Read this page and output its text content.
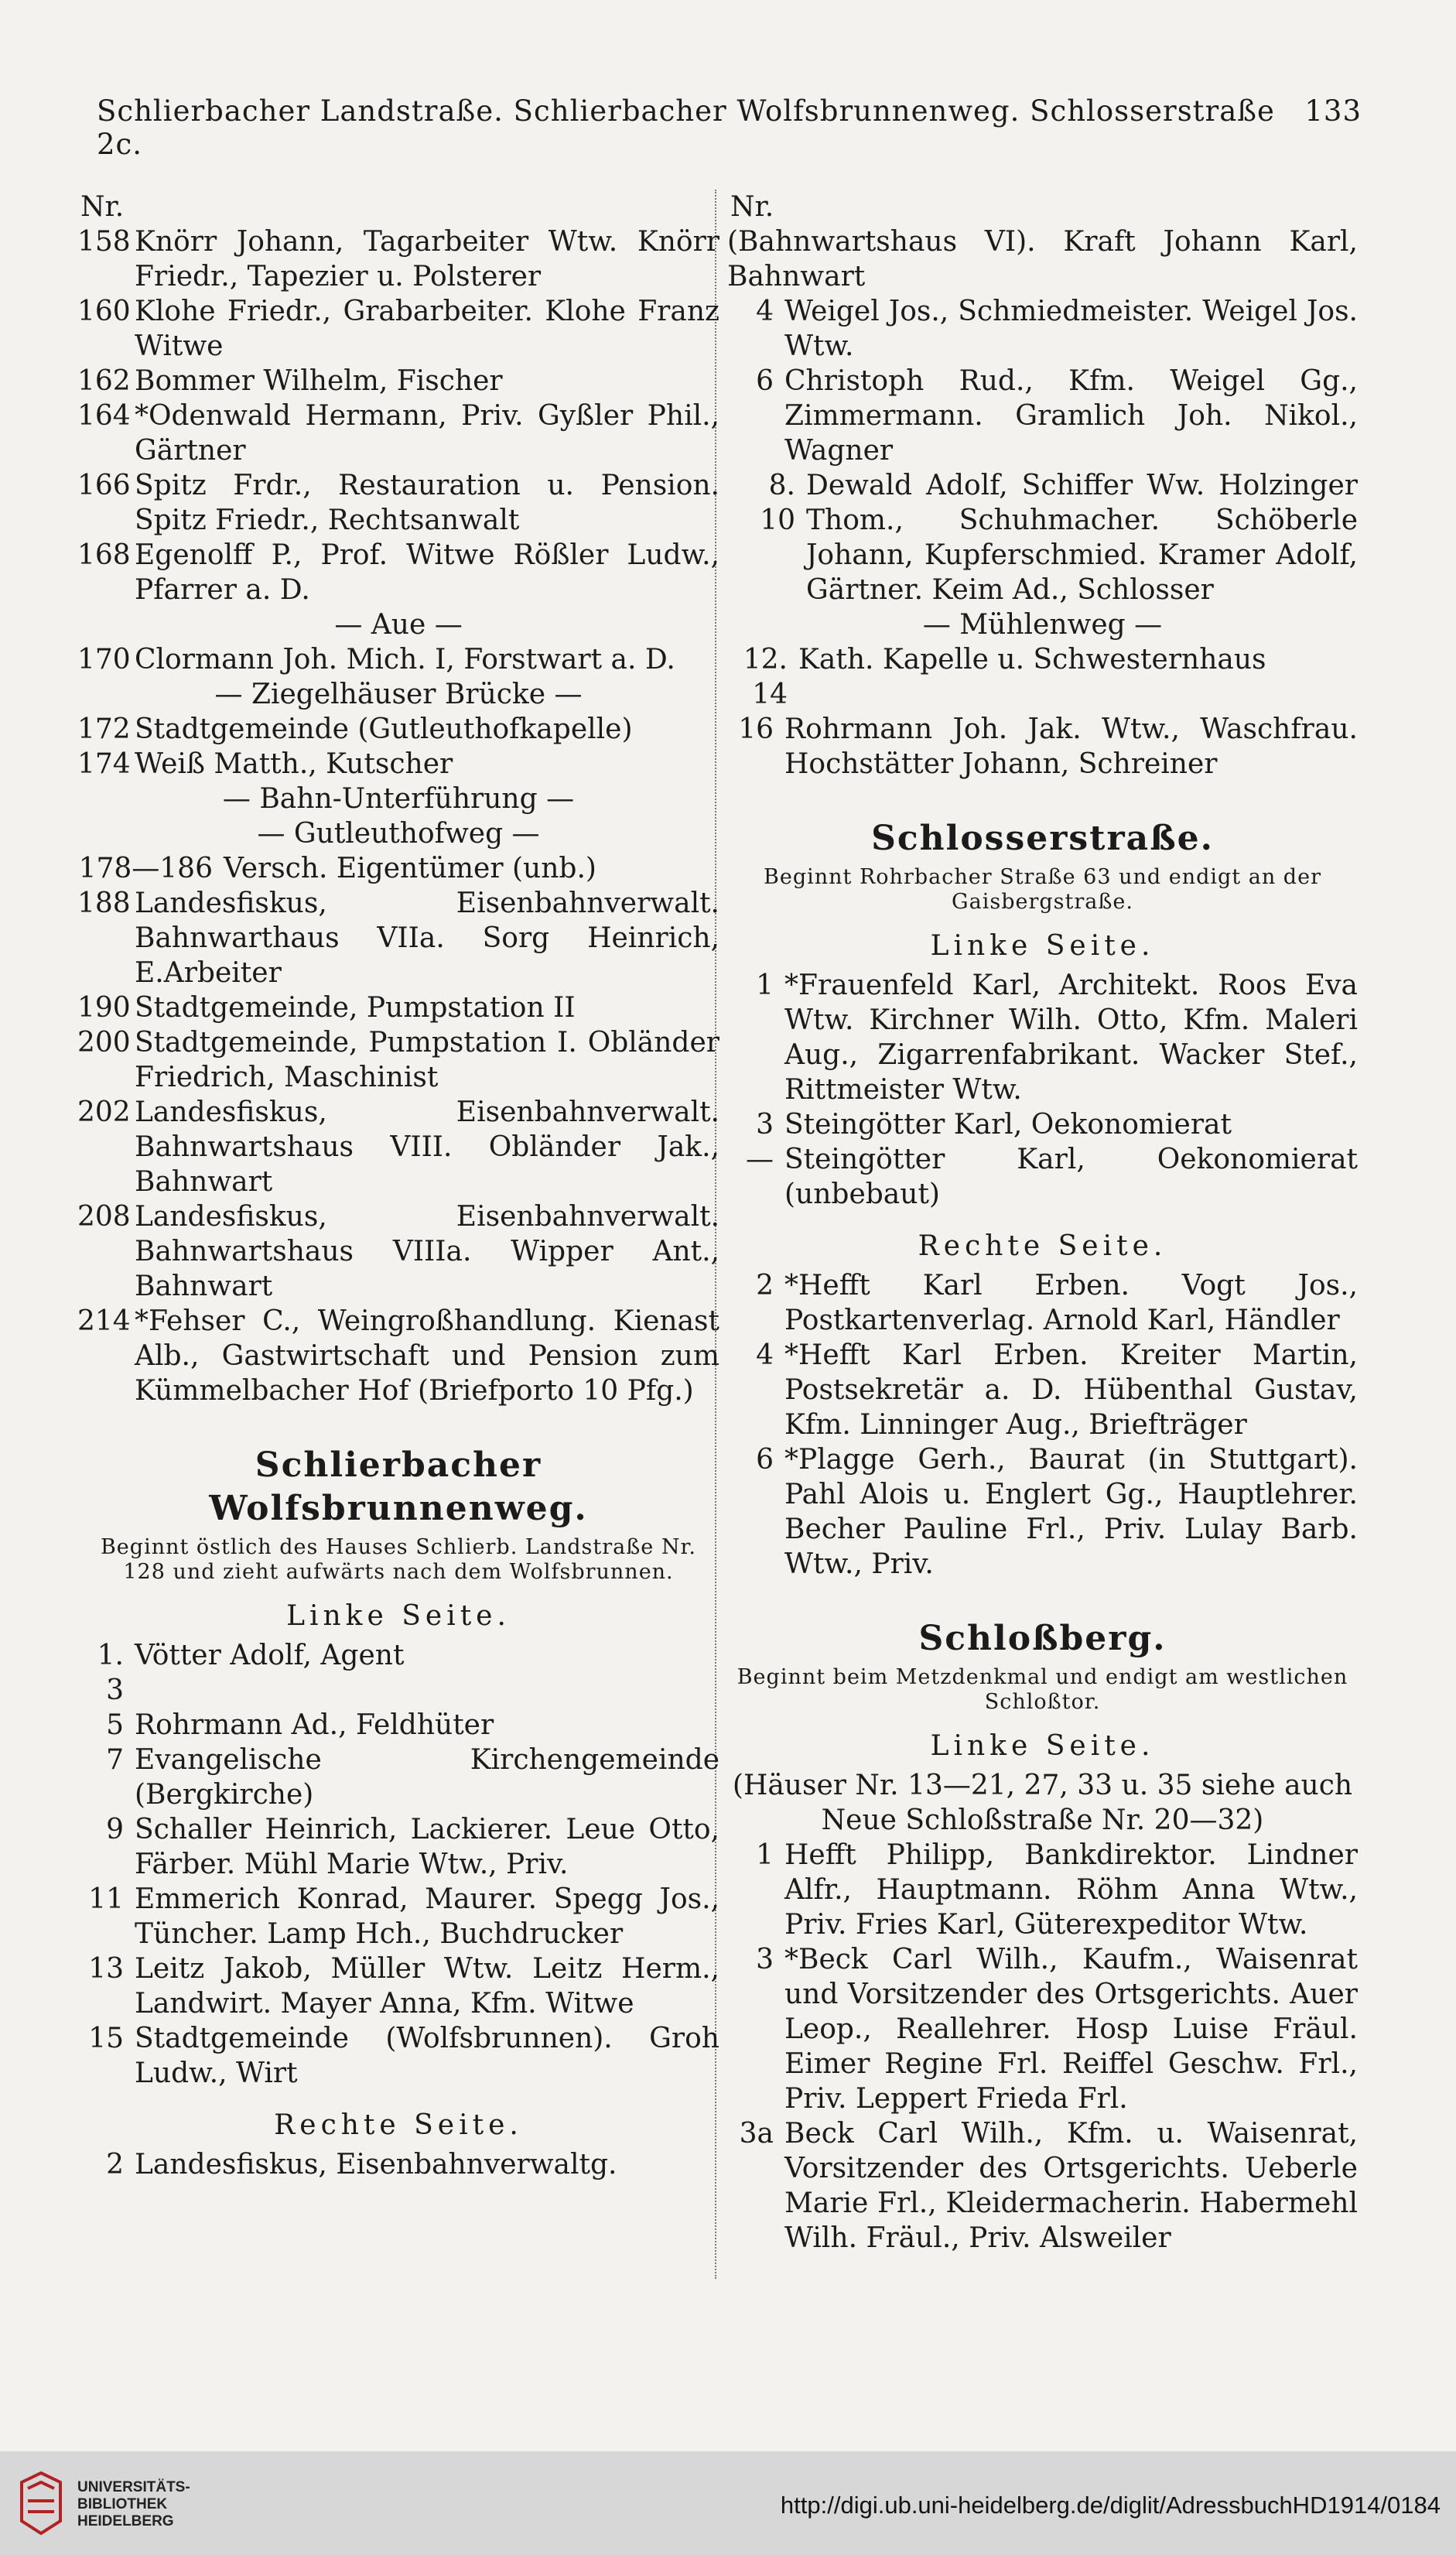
Schlierbacher Landstraße. Schlierbacher Wolfsbrunnenweg. Schlosserstraße 2c.
133
Nr.
158 Knörr Johann, Tagarbeiter Wtw. Knörr Friedr., Tapezier u. Polsterer
160 Klohe Friedr., Grabarbeiter. Klohe Franz Witwe
162 Bommer Wilhelm, Fischer
164 *Odenwald Hermann, Priv. Gyßler Phil., Gärtner
166 Spitz Frdr., Restauration u. Pension. Spitz Friedr., Rechtsanwalt
168 Egenolff P., Prof. Witwe Rößler Ludw., Pfarrer a. D.
— Aue —
170 Clormann Joh. Mich. I, Forstwart a. D.
— Ziegelhäuser Brücke —
172 Stadtgemeinde (Gutleuthofkapelle)
174 Weiß Matth., Kutscher
— Bahn-Unterführung —
— Gutleuthofweg —
178—186 Versch. Eigentümer (unb.)
188 Landesfiskus, Eisenbahnverwalt. Bahnwarthaus VIIa. Sorg Heinrich, E.Arbeiter
190 Stadtgemeinde, Pumpstation II
200 Stadtgemeinde, Pumpstation I. Obländer Friedrich, Maschinist
202 Landesfiskus, Eisenbahnverwalt. Bahnwartshaus VIII. Obländer Jak., Bahnwart
208 Landesfiskus, Eisenbahnverwalt. Bahnwartshaus VIIIa. Wipper Ant., Bahnwart
214 *Fehser C., Weingroßhandlung. Kienast Alb., Gastwirtschaft und Pension zum Kümmelbacher Hof (Briefporto 10 Pfg.)
Schlierbacher Wolfsbrunnenweg.
Beginnt östlich des Hauses Schlierb. Landstraße Nr. 128 und zieht aufwärts nach dem Wolfsbrunnen.
Linke Seite.
1. 3
Vötter Adolf, Agent
5 Rohrmann Ad., Feldhüter
7 Evangelische Kirchengemeinde (Bergkirche)
9 Schaller Heinrich, Lackierer. Leue Otto, Färber. Mühl Marie Wtw., Priv.
11 Emmerich Konrad, Maurer. Spegg Jos., Tüncher. Lamp Hch., Buchdrucker
13 Leitz Jakob, Müller Wtw. Leitz Herm., Landwirt. Mayer Anna, Kfm. Witwe
15 Stadtgemeinde (Wolfsbrunnen). Groh Ludw., Wirt
Rechte Seite.
2 Landesfiskus, Eisenbahnverwaltg.
Nr.
(Bahnwartshaus VI). Kraft Johann Karl, Bahnwart
4 Weigel Jos., Schmiedmeister. Weigel Jos. Wtw.
6 Christoph Rud., Kfm. Weigel Gg., Zimmermann. Gramlich Joh. Nikol., Wagner
8. 10
Dewald Adolf, Schiffer Ww. Holzinger Thom., Schuhmacher. Schöberle Johann, Kupferschmied. Kramer Adolf, Gärtner. Keim Ad., Schlosser
— Mühlenweg —
12. 14
Kath. Kapelle u. Schwesternhaus
16 Rohrmann Joh. Jak. Wtw., Waschfrau. Hochstätter Johann, Schreiner
Schlosserstraße.
Beginnt Rohrbacher Straße 63 und endigt an der Gaisbergstraße.
Linke Seite.
1 *Frauenfeld Karl, Architekt. Roos Eva Wtw. Kirchner Wilh. Otto, Kfm. Maleri Aug., Zigarrenfabrikant. Wacker Stef., Rittmeister Wtw.
3 Steingötter Karl, Oekonomierat
— Steingötter Karl, Oekonomierat (unbebaut)
Rechte Seite.
2 *Hefft Karl Erben. Vogt Jos., Postkartenverlag. Arnold Karl, Händler
4 *Hefft Karl Erben. Kreiter Martin, Postsekretär a. D. Hübenthal Gustav, Kfm. Linninger Aug., Briefträger
6 *Plagge Gerh., Baurat (in Stuttgart). Pahl Alois u. Englert Gg., Hauptlehrer. Becher Pauline Frl., Priv. Lulay Barb. Wtw., Priv.
Schloßberg.
Beginnt beim Metzdenkmal und endigt am westlichen Schloßtor.
Linke Seite.
(Häuser Nr. 13—21, 27, 33 u. 35 siehe auch Neue Schloßstraße Nr. 20—32)
1 Hefft Philipp, Bankdirektor. Lindner Alfr., Hauptmann. Röhm Anna Wtw., Priv. Fries Karl, Güterexpeditor Wtw.
3 *Beck Carl Wilh., Kaufm., Waisenrat und Vorsitzender des Ortsgerichts. Auer Leop., Reallehrer. Hosp Luise Fräul. Eimer Regine Frl. Reiffel Geschw. Frl., Priv. Leppert Frieda Frl.
3a Beck Carl Wilh., Kfm. u. Waisenrat, Vorsitzender des Ortsgerichts. Ueberle Marie Frl., Kleidermacherin. Habermehl Wilh. Fräul., Priv. Alsweiler
UNIVERSITÄTS-
BIBLIOTHEK
HEIDELBERG
http://digi.ub.uni-heidelberg.de/diglit/AdressbuchHD1914/0184
